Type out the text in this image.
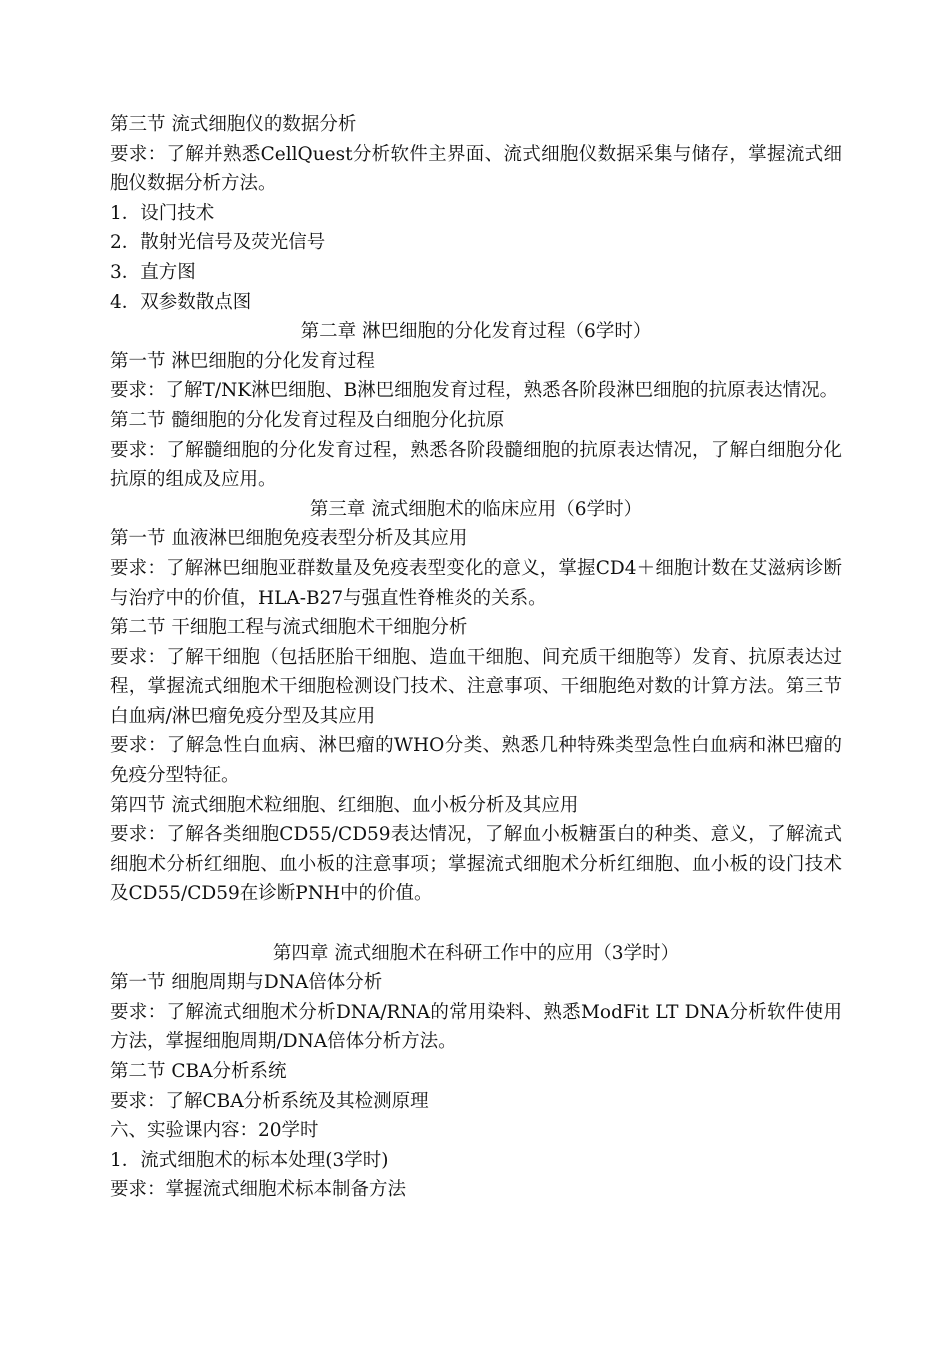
第三节 流式细胞仪的数据分析
要求：了解并熟悉CellQuest分析软件主界面、流式细胞仪数据采集与储存，掌握流式细胞仪数据分析方法。
1．设门技术
2．散射光信号及荧光信号
3．直方图
4．双参数散点图
第二章 淋巴细胞的分化发育过程（6学时）
第一节 淋巴细胞的分化发育过程
要求：了解T/NK淋巴细胞、B淋巴细胞发育过程，熟悉各阶段淋巴细胞的抗原表达情况。
第二节 髓细胞的分化发育过程及白细胞分化抗原
要求：了解髓细胞的分化发育过程，熟悉各阶段髓细胞的抗原表达情况，了解白细胞分化抗原的组成及应用。
第三章 流式细胞术的临床应用（6学时）
第一节 血液淋巴细胞免疫表型分析及其应用
要求：了解淋巴细胞亚群数量及免疫表型变化的意义，掌握CD4＋细胞计数在艾滋病诊断与治疗中的价值，HLA-B27与强直性脊椎炎的关系。
第二节 干细胞工程与流式细胞术干细胞分析
要求：了解干细胞（包括胚胎干细胞、造血干细胞、间充质干细胞等）发育、抗原表达过程，掌握流式细胞术干细胞检测设门技术、注意事项、干细胞绝对数的计算方法。第三节 白血病/淋巴瘤免疫分型及其应用
要求：了解急性白血病、淋巴瘤的WHO分类、熟悉几种特殊类型急性白血病和淋巴瘤的免疫分型特征。
第四节 流式细胞术粒细胞、红细胞、血小板分析及其应用
要求：了解各类细胞CD55/CD59表达情况，了解血小板糖蛋白的种类、意义，了解流式细胞术分析红细胞、血小板的注意事项；掌握流式细胞术分析红细胞、血小板的设门技术及CD55/CD59在诊断PNH中的价值。
第四章 流式细胞术在科研工作中的应用（3学时）
第一节 细胞周期与DNA倍体分析
要求：了解流式细胞术分析DNA/RNA的常用染料、熟悉ModFit LT DNA分析软件使用方法，掌握细胞周期/DNA倍体分析方法。
第二节 CBA分析系统
要求：了解CBA分析系统及其检测原理
六、实验课内容：20学时
1．流式细胞术的标本处理(3学时)
要求：掌握流式细胞术标本制备方法
